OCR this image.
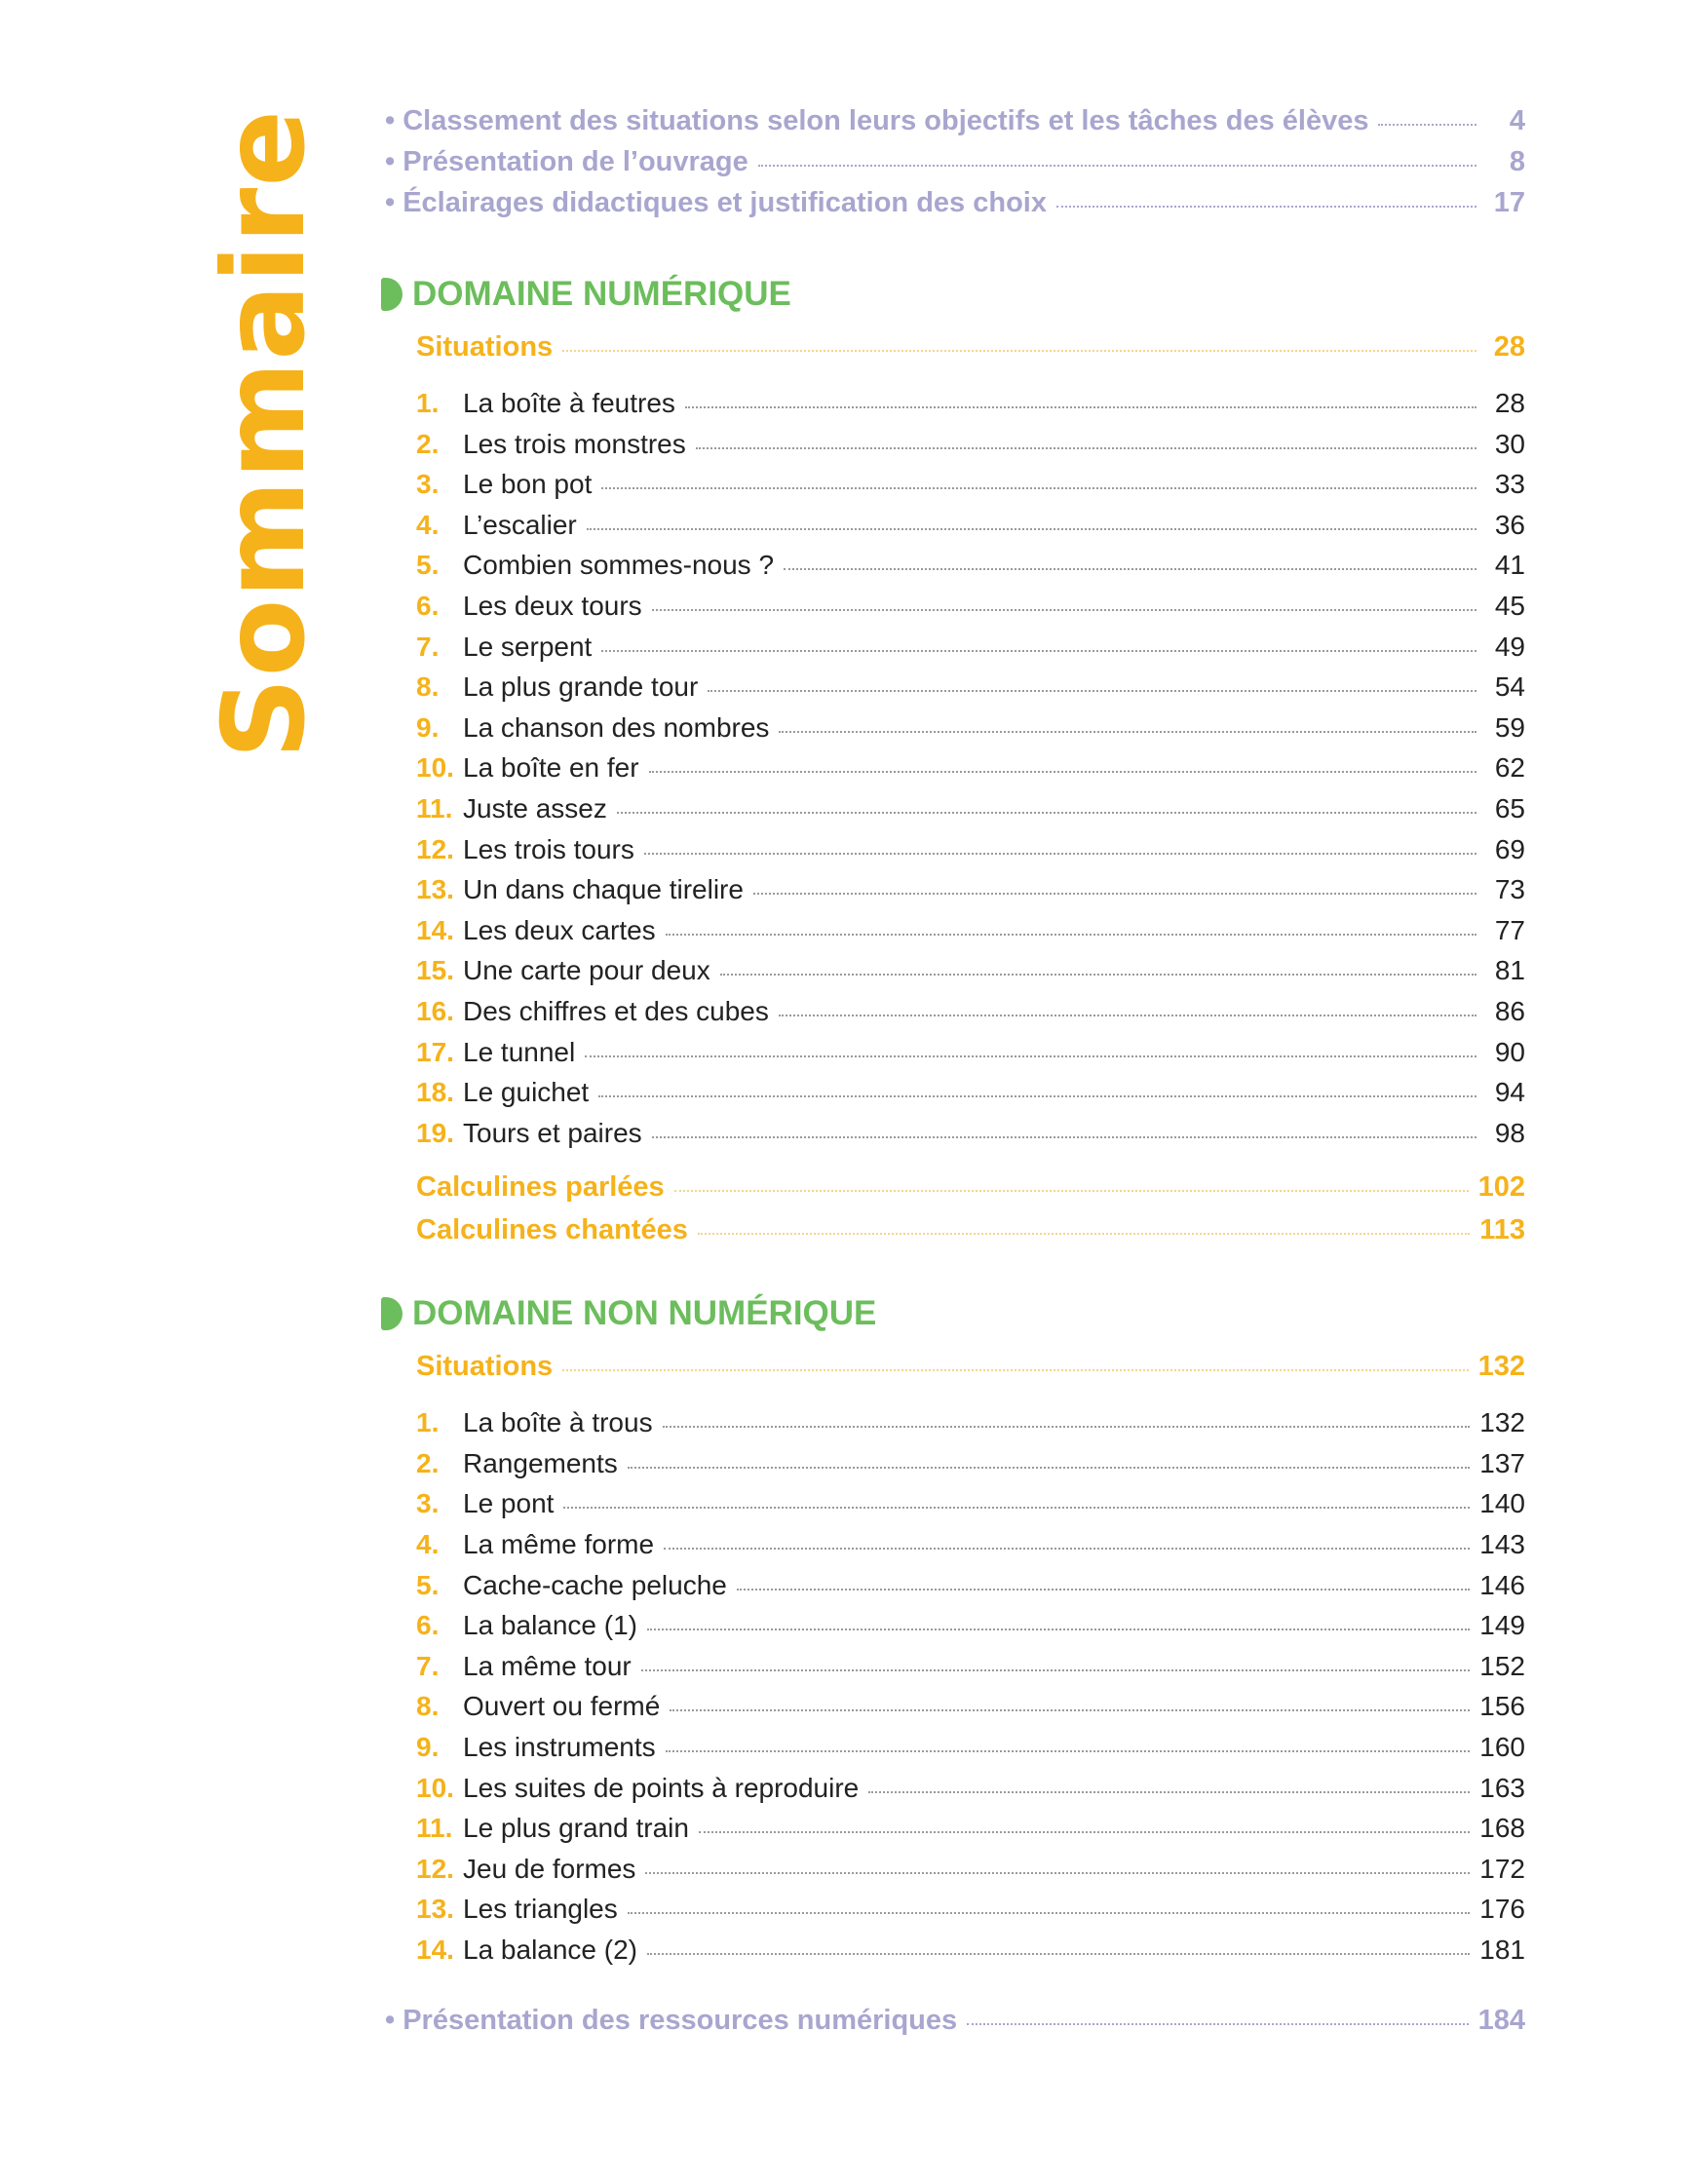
Sommaire • Classement des situations selon leurs objectifs et les tâches des élèves	4
• Présentation de l’ouvrage	8
• Éclairages didactiques et justification des choix	17
DOMAINE NUMÉRIQUE
Situations	28
1. La boîte à feutres	28
2. Les trois monstres	30
3. Le bon pot	33
4. L’escalier	36
5. Combien sommes-nous ?	41
6. Les deux tours	45
7. Le serpent	49
8. La plus grande tour	54
9. La chanson des nombres	59
10. La boîte en fer	62
11. Juste assez	65
12. Les trois tours	69
13. Un dans chaque tirelire	73
14. Les deux cartes	77
15. Une carte pour deux	81
16. Des chiffres et des cubes	86
17. Le tunnel	90
18. Le guichet	94
19. Tours et paires	98
Calculines parlées	102
Calculines chantées	113
DOMAINE NON NUMÉRIQUE
Situations	132
1. La boîte à trous	132
2. Rangements	137
3. Le pont	140
4. La même forme	143
5. Cache-cache peluche	146
6. La balance (1)	149
7. La même tour	152
8. Ouvert ou fermé	156
9. Les instruments	160
10. Les suites de points à reproduire	163
11. Le plus grand train	168
12. Jeu de formes	172
13. Les triangles	176
14. La balance (2)	181
• Présentation des ressources numériques	184
